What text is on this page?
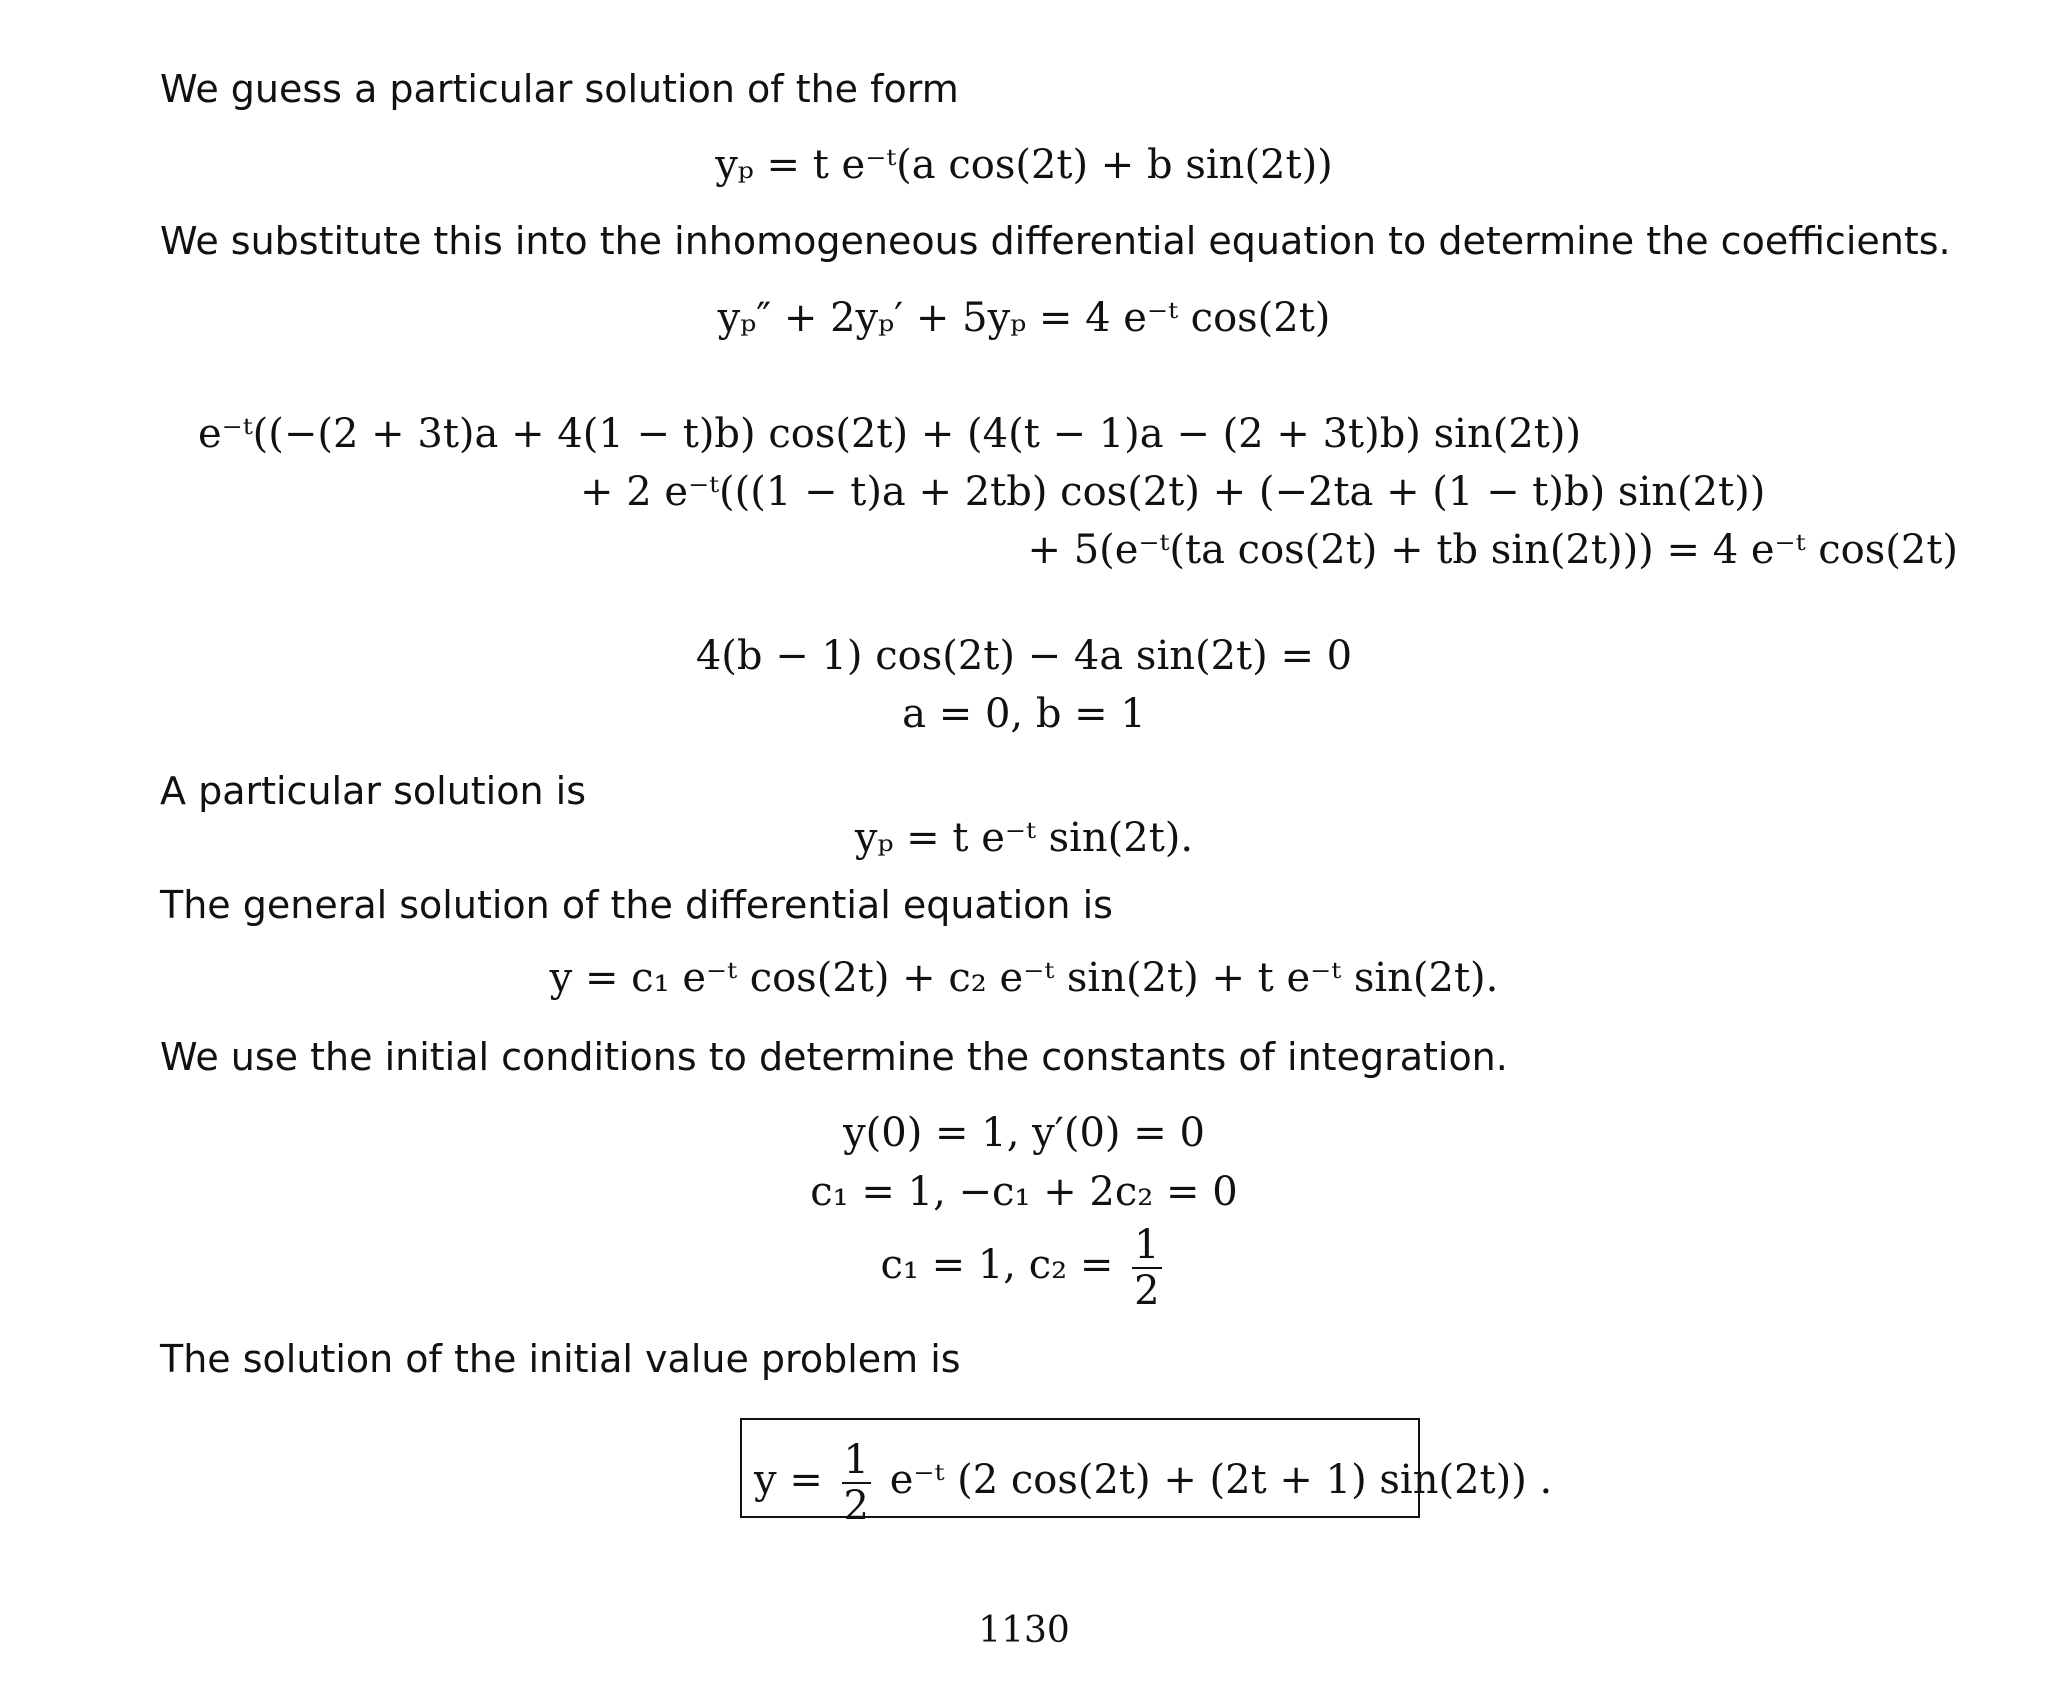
We guess a particular solution of the form
yₚ = t e⁻ᵗ(a cos(2t) + b sin(2t))
We substitute this into the inhomogeneous differential equation to determine the coefficients.
yₚ″ + 2yₚ′ + 5yₚ = 4 e⁻ᵗ cos(2t)
e⁻ᵗ((−(2 + 3t)a + 4(1 − t)b) cos(2t) + (4(t − 1)a − (2 + 3t)b) sin(2t))
+ 2 e⁻ᵗ(((1 − t)a + 2tb) cos(2t) + (−2ta + (1 − t)b) sin(2t))
+ 5(e⁻ᵗ(ta cos(2t) + tb sin(2t))) = 4 e⁻ᵗ cos(2t)
4(b − 1) cos(2t) − 4a sin(2t) = 0
a = 0, b = 1
A particular solution is
yₚ = t e⁻ᵗ sin(2t).
The general solution of the differential equation is
y = c₁ e⁻ᵗ cos(2t) + c₂ e⁻ᵗ sin(2t) + t e⁻ᵗ sin(2t).
We use the initial conditions to determine the constants of integration.
y(0) = 1, y′(0) = 0
c₁ = 1, −c₁ + 2c₂ = 0
c₁ = 1, $c_2 = \frac{1}{2}$
The solution of the initial value problem is
$y = \frac{1}{2}$ e⁻ᵗ (2 cos(2t) + (2t + 1) sin(2t)) .
1130
